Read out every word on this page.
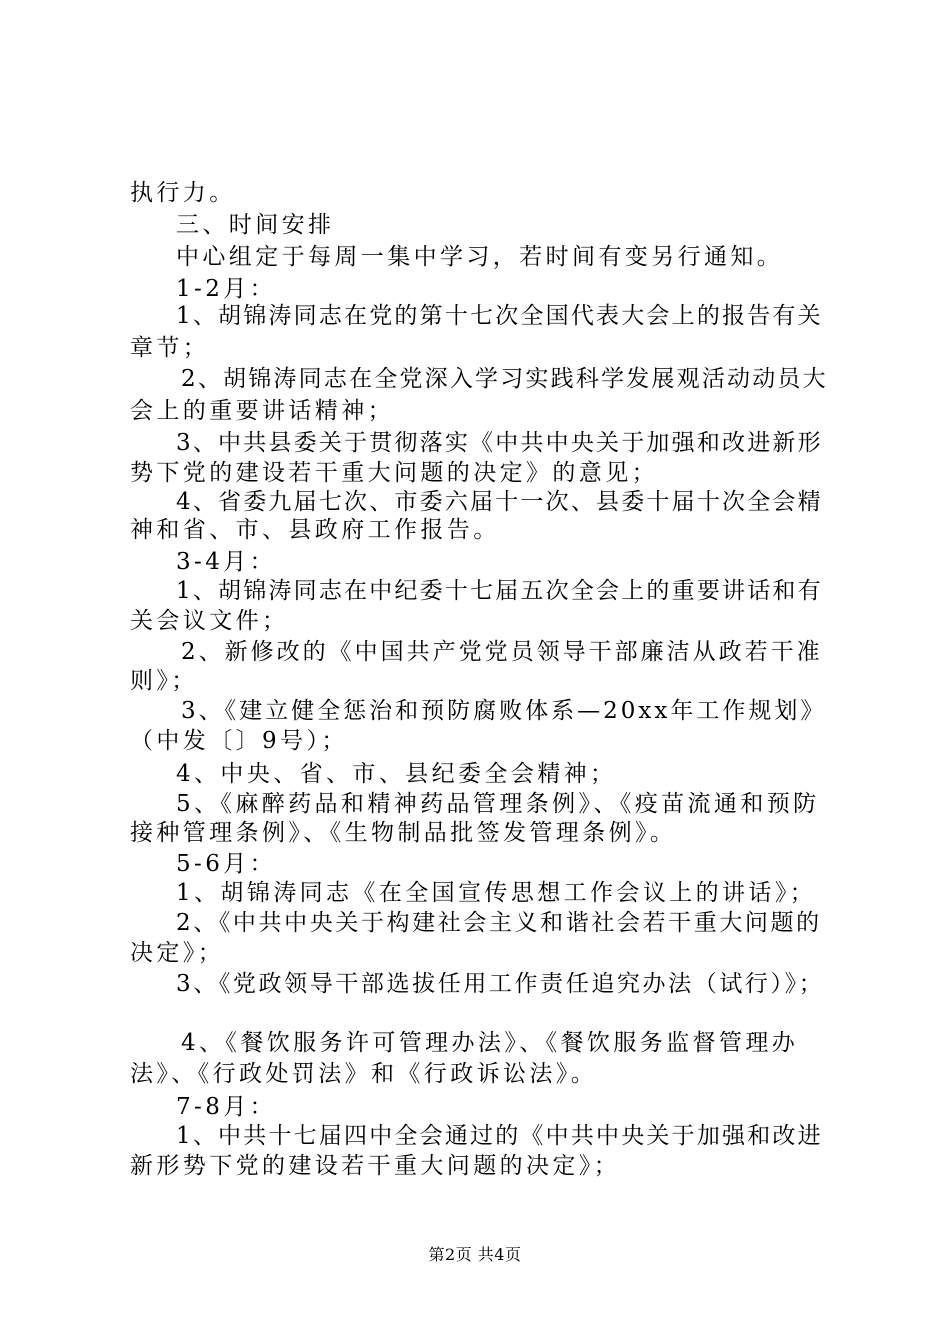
执行力。
三、时间安排
中心组定于每周一集中学习，若时间有变另行通知。
1-2月：
1、胡锦涛同志在党的第十七次全国代表大会上的报告有关
章节；
2、胡锦涛同志在全党深入学习实践科学发展观活动动员大
会上的重要讲话精神；
3、中共县委关于贯彻落实《中共中央关于加强和改进新形
势下党的建设若干重大问题的决定》的意见；
4、省委九届七次、市委六届十一次、县委十届十次全会精
神和省、市、县政府工作报告。
3-4月：
1、胡锦涛同志在中纪委十七届五次全会上的重要讲话和有
关会议文件；
2、新修改的《中国共产党党员领导干部廉洁从政若干准
则》；
3、《建立健全惩治和预防腐败体系—20xx年工作规划》
（中发〔〕9号）；
4、中央、省、市、县纪委全会精神；
5、《麻醉药品和精神药品管理条例》、《疫苗流通和预防
接种管理条例》、《生物制品批签发管理条例》。
5-6月：
1、胡锦涛同志《在全国宣传思想工作会议上的讲话》；
2、《中共中央关于构建社会主义和谐社会若干重大问题的
决定》；
3、《党政领导干部选拔任用工作责任追究办法（试行）》；
4、《餐饮服务许可管理办法》、《餐饮服务监督管理办
法》、《行政处罚法》和《行政诉讼法》。
7-8月：
1、中共十七届四中全会通过的《中共中央关于加强和改进
新形势下党的建设若干重大问题的决定》；
第2页 共4页
